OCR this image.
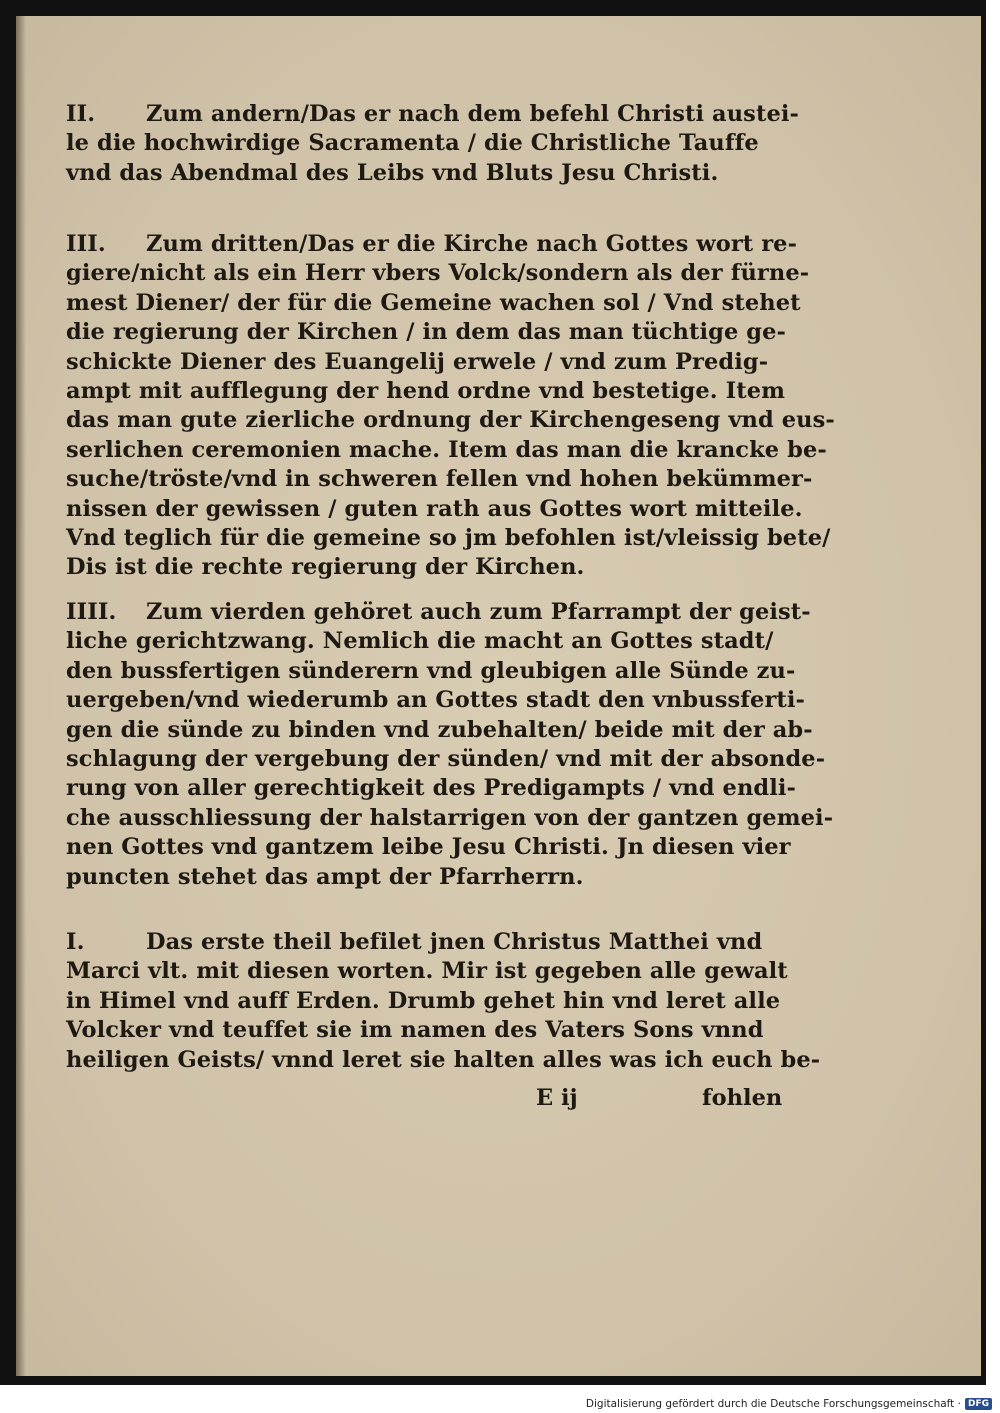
II. Zum andern/Das er nach dem befehl Christi austei-
le die hochwirdige Sacramenta / die Christliche Tauffe
vnd das Abendmal des Leibs vnd Bluts Jesu Christi.
III. Zum dritten/Das er die Kirche nach Gottes wort re-
giere/nicht als ein Herr vbers Volck/sondern als der fürne-
mest Diener/ der für die Gemeine wachen sol / Vnd stehet
die regierung der Kirchen / in dem das man tüchtige ge-
schickte Diener des Euangelij erwele / vnd zum Predig-
ampt mit aufflegung der hend ordne vnd bestetige. Item
das man gute zierliche ordnung der Kirchengeseng vnd eus-
serlichen ceremonien mache. Item das man die krancke be-
suche/tröste/vnd in schweren fellen vnd hohen bekümmer-
nissen der gewissen / guten rath aus Gottes wort mitteile.
Vnd teglich für die gemeine so jm befohlen ist/vleissig bete/
Dis ist die rechte regierung der Kirchen.
IIII. Zum vierden gehöret auch zum Pfarrampt der geist-
liche gerichtzwang. Nemlich die macht an Gottes stadt/
den bussfertigen sünderern vnd gleubigen alle Sünde zu-
uergeben/vnd wiederumb an Gottes stadt den vnbussferti-
gen die sünde zu binden vnd zubehalten/ beide mit der ab-
schlagung der vergebung der sünden/ vnd mit der absonde-
rung von aller gerechtigkeit des Predigampts / vnd endli-
che ausschliessung der halstarrigen von der gantzen gemei-
nen Gottes vnd gantzem leibe Jesu Christi. Jn diesen vier
puncten stehet das ampt der Pfarrherrn.
I.	Das erste theil befilet jnen Christus Matthei vnd
Marci vlt. mit diesen worten. Mir ist gegeben alle gewalt
in Himel vnd auff Erden. Drumb gehet hin vnd leret alle
Volcker vnd teuffet sie im namen des Vaters Sons vnnd
heiligen Geists/ vnnd leret sie halten alles was ich euch be-
E ij	fohlen
Digitalisierung gefördert durch die Deutsche Forschungsgemeinschaft · DFG
